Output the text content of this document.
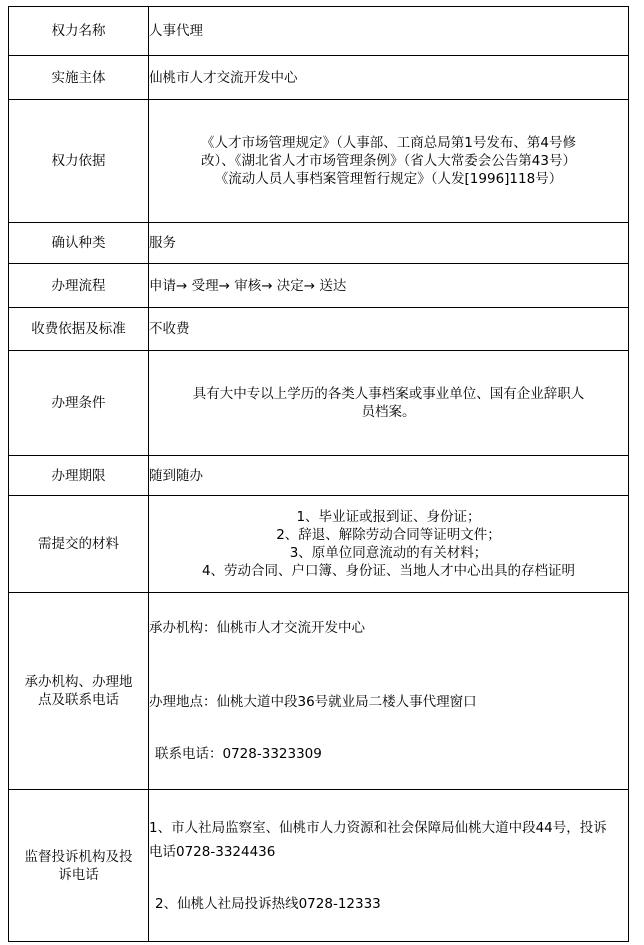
权力名称	人事代理
实施主体	仙桃市人才交流开发中心
权力依据	《人才市场管理规定》（人事部、工商总局第1号发布、第4号修
改）、《湖北省人才市场管理条例》（省人大常委会公告第43号）
《流动人员人事档案管理暂行规定》（人发[1996]118号）

确认种类	服务
办理流程	申请→ 受理→ 审核→ 决定→ 送达
收费依据及标准	不收费
办理条件	具有大中专以上学历的各类人事档案或事业单位、国有企业辞职人
员档案。

办理期限	随到随办
需提交的材料	1、毕业证或报到证、身份证；
2、辞退、解除劳动合同等证明文件；
3、原单位同意流动的有关材料；
4、劳动合同、户口簿、身份证、当地人才中心出具的存档证明

承办机构、办理地
点及联系电话	承办机构：仙桃市人才交流开发中心
办理地点：仙桃大道中段36号就业局二楼人事代理窗口
联系电话：0728-3323309

监督投诉机构及投
诉电话	1、市人社局监察室、仙桃市人力资源和社会保障局仙桃大道中段44号，投诉
电话0728-3324436
2、仙桃人社局投诉热线0728-12333
